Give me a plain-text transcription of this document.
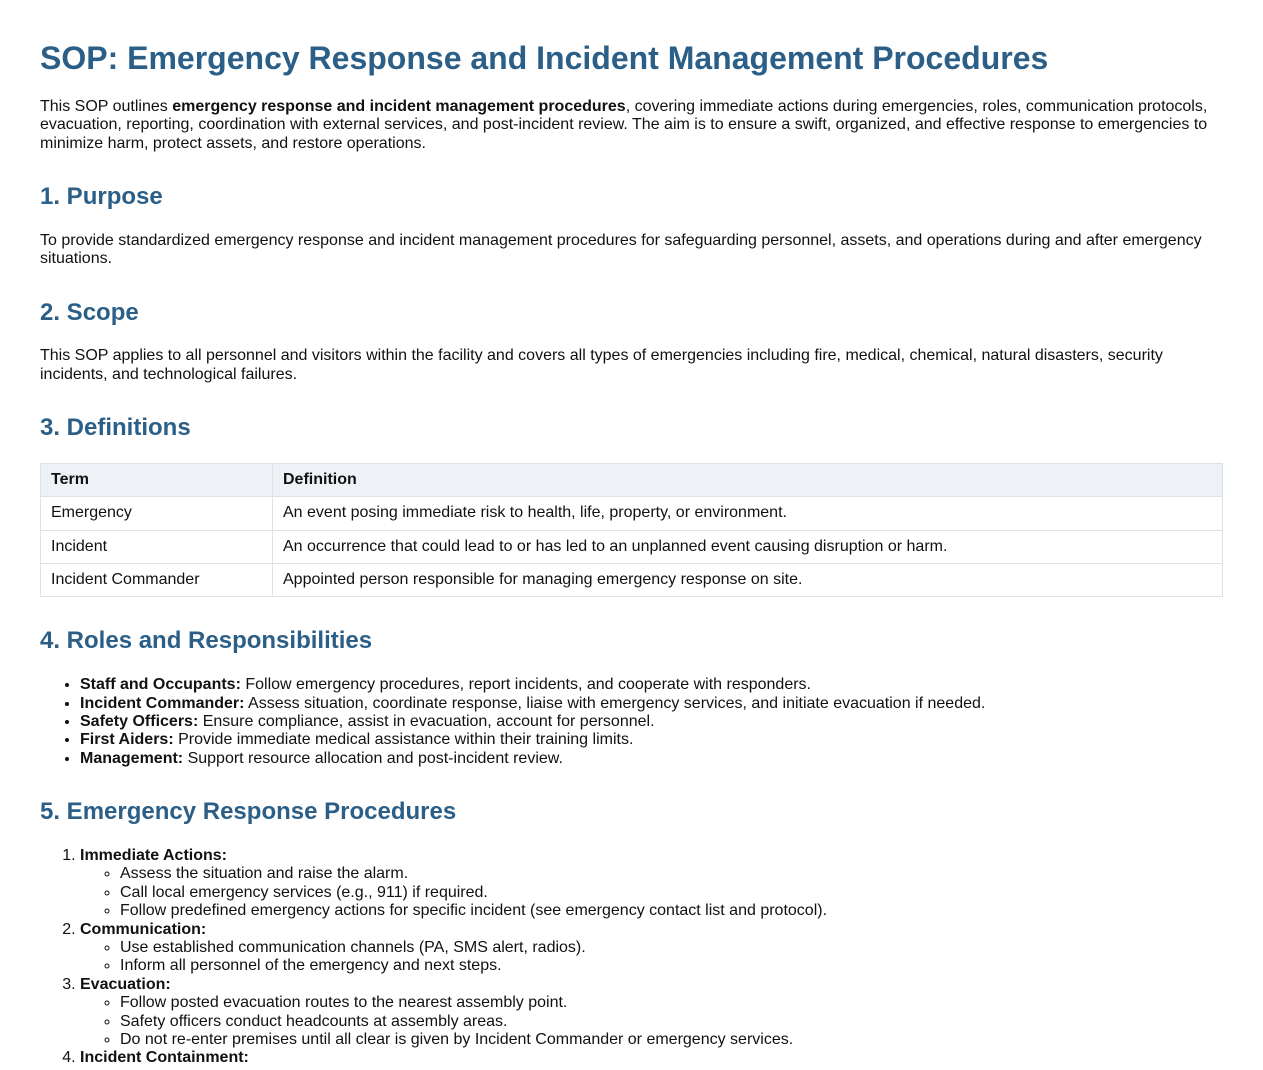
SOP: Emergency Response and Incident Management Procedures

This SOP outlines emergency response and incident management procedures, covering immediate actions during emergencies, roles, communication protocols, evacuation, reporting, coordination with external services, and post-incident review. The aim is to ensure a swift, organized, and effective response to emergencies to minimize harm, protect assets, and restore operations.

1. Purpose

To provide standardized emergency response and incident management procedures for safeguarding personnel, assets, and operations during and after emergency situations.

2. Scope

This SOP applies to all personnel and visitors within the facility and covers all types of emergencies including fire, medical, chemical, natural disasters, security incidents, and technological failures.

3. Definitions
Term	Definition
Emergency	An event posing immediate risk to health, life, property, or environment.
Incident	An occurrence that could lead to or has led to an unplanned event causing disruption or harm.
Incident Commander	Appointed person responsible for managing emergency response on site.
4. Roles and Responsibilities
• Staff and Occupants: Follow emergency procedures, report incidents, and cooperate with responders.
• Incident Commander: Assess situation, coordinate response, liaise with emergency services, and initiate evacuation if needed.
• Safety Officers: Ensure compliance, assist in evacuation, account for personnel.
• First Aiders: Provide immediate medical assistance within their training limits.
• Management: Support resource allocation and post-incident review.
5. Emergency Response Procedures
1. Immediate Actions:
◦ Assess the situation and raise the alarm.
◦ Call local emergency services (e.g., 911) if required.
◦ Follow predefined emergency actions for specific incident (see emergency contact list and protocol).
2. Communication:
◦ Use established communication channels (PA, SMS alert, radios).
◦ Inform all personnel of the emergency and next steps.
3. Evacuation:
◦ Follow posted evacuation routes to the nearest assembly point.
◦ Safety officers conduct headcounts at assembly areas.
◦ Do not re-enter premises until all clear is given by Incident Commander or emergency services.
4. Incident Containment:
